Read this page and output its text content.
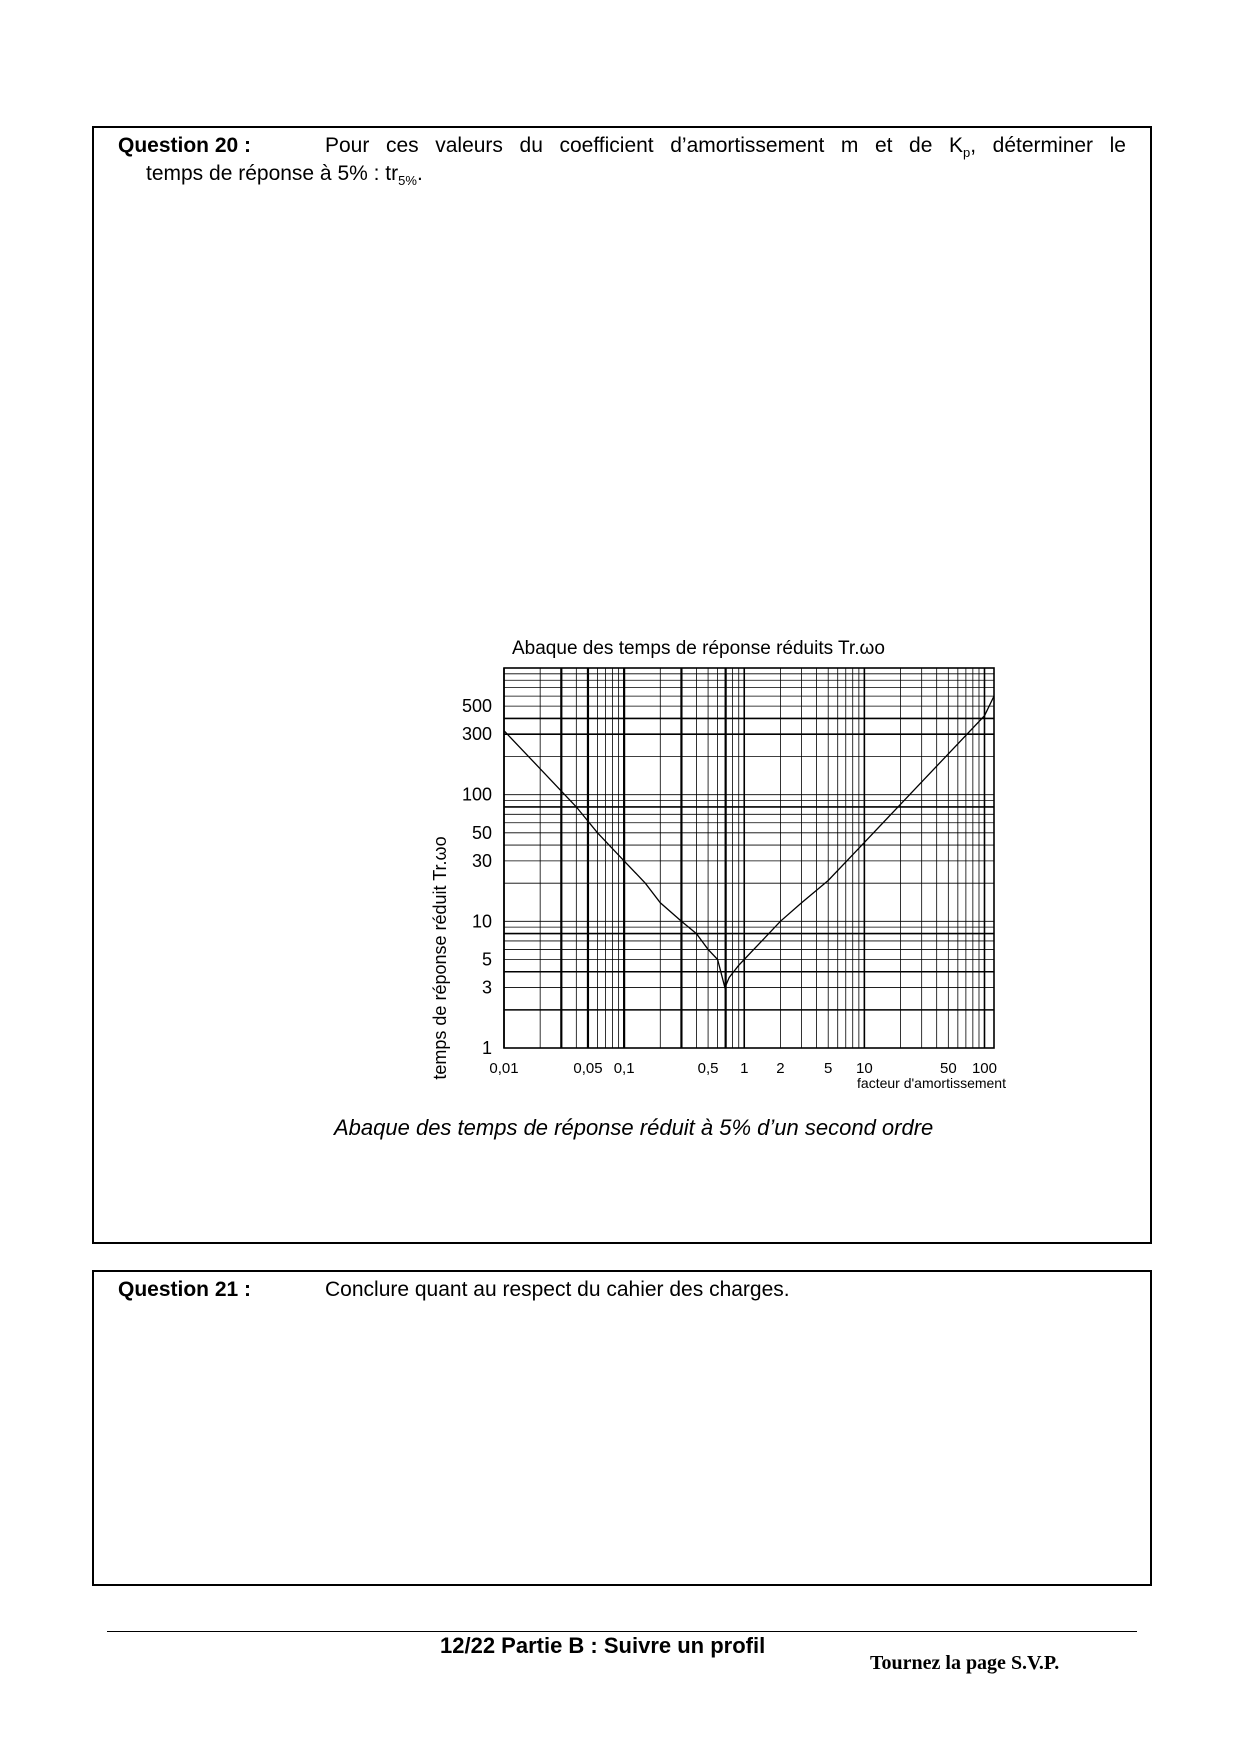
Question 20 :	Pour ces valeurs du coefficient d’amortissement m et de $K_p$, déterminer le
temps de réponse à 5% : $tr_{5\%}$.
Abaque des temps de réponse réduits Tr.ωo
temps de réponse réduit Tr.ωo
facteur d'amortissement
1
3
5
10
30
50
100
300
500
0,01	0,05 0,1	0,5 1 2	5 10	50 100
Abaque des temps de réponse réduit à 5% d’un second ordre
Question 21 :	Conclure quant au respect du cahier des charges.
12/22 Partie B : Suivre un profil
Tournez la page S.V.P.
